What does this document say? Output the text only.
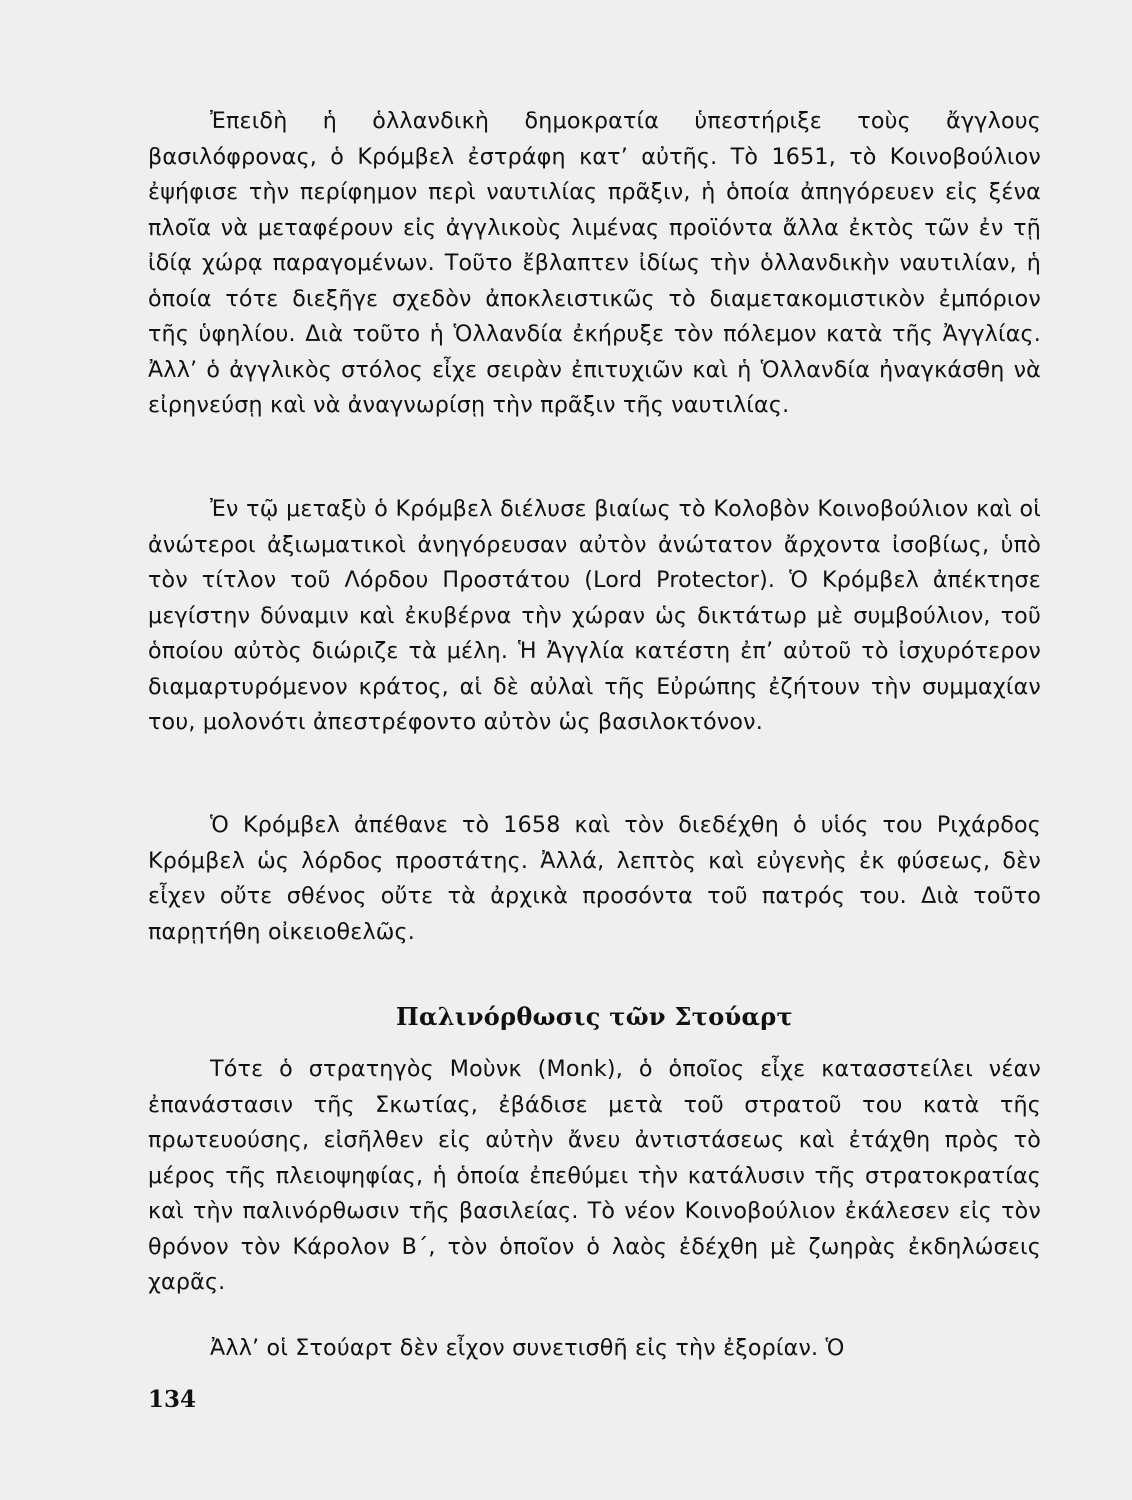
Ἐπειδὴ ἡ ὁλλανδικὴ δημοκρατία ὑπεστήριξε τοὺς ἄγγλους βασιλόφρονας, ὁ Κρόμβελ ἐστράφη κατ’ αὐτῆς. Τὸ 1651, τὸ Κοινοβούλιον ἐψήφισε τὴν περίφημον περὶ ναυτιλίας πρᾶξιν, ἡ ὁποία ἀπηγόρευεν εἰς ξένα πλοῖα νὰ μεταφέρουν εἰς ἀγγλικοὺς λιμένας προϊόντα ἄλλα ἐκτὸς τῶν ἐν τῇ ἰδίᾳ χώρᾳ παραγομένων. Τοῦτο ἔβλαπτεν ἰδίως τὴν ὁλλανδικὴν ναυτιλίαν, ἡ ὁποία τότε διεξῆγε σχεδὸν ἀποκλειστικῶς τὸ διαμετακομιστικὸν ἐμπόριον τῆς ὑφηλίου. Διὰ τοῦτο ἡ Ὁλλανδία ἐκήρυξε τὸν πόλεμον κατὰ τῆς Ἀγγλίας. Ἀλλ’ ὁ ἀγγλικὸς στόλος εἶχε σειρὰν ἐπιτυχιῶν καὶ ἡ Ὁλλανδία ἠναγκάσθη νὰ εἰρηνεύσῃ καὶ νὰ ἀναγνωρίσῃ τὴν πρᾶξιν τῆς ναυτιλίας.

Ἐν τῷ μεταξὺ ὁ Κρόμβελ διέλυσε βιαίως τὸ Κολοβὸν Κοινοβούλιον καὶ οἱ ἀνώτεροι ἀξιωματικοὶ ἀνηγόρευσαν αὐτὸν ἀνώτατον ἄρχοντα ἰσοβίως, ὑπὸ τὸν τίτλον τοῦ Λόρδου Προστάτου (Lord Protector). Ὁ Κρόμβελ ἀπέκτησε μεγίστην δύναμιν καὶ ἐκυβέρνα τὴν χώραν ὡς δικτάτωρ μὲ συμβούλιον, τοῦ ὁποίου αὐτὸς διώριζε τὰ μέλη. Ἡ Ἀγγλία κατέστη ἐπ’ αὐτοῦ τὸ ἰσχυρότερον διαμαρτυρόμενον κράτος, αἱ δὲ αὐλαὶ τῆς Εὐρώπης ἐζήτουν τὴν συμμαχίαν του, μολονότι ἀπεστρέφοντο αὐτὸν ὡς βασιλοκτόνον.

Ὁ Κρόμβελ ἀπέθανε τὸ 1658 καὶ τὸν διεδέχθη ὁ υἱός του Ριχάρδος Κρόμβελ ὡς λόρδος προστάτης. Ἀλλά, λεπτὸς καὶ εὐγενὴς ἐκ φύσεως, δὲν εἶχεν οὔτε σθένος οὔτε τὰ ἀρχικὰ προσόντα τοῦ πατρός του. Διὰ τοῦτο παρῃτήθη οἰκειοθελῶς.

Παλινόρθωσις τῶν Στούαρτ

Τότε ὁ στρατηγὸς Μοὺνκ (Monk), ὁ ὁποῖος εἶχε κατασστείλει νέαν ἐπανάστασιν τῆς Σκωτίας, ἐβάδισε μετὰ τοῦ στρατοῦ του κατὰ τῆς πρωτευούσης, εἰσῆλθεν εἰς αὐτὴν ἄνευ ἀντιστάσεως καὶ ἐτάχθη πρὸς τὸ μέρος τῆς πλειοψηφίας, ἡ ὁποία ἐπεθύμει τὴν κατάλυσιν τῆς στρατοκρατίας καὶ τὴν παλινόρθωσιν τῆς βασιλείας. Τὸ νέον Κοινοβούλιον ἐκάλεσεν εἰς τὸν θρόνον τὸν Κάρολον Β΄, τὸν ὁποῖον ὁ λαὸς ἐδέχθη μὲ ζωηρὰς ἐκδηλώσεις χαρᾶς.

Ἀλλ’ οἱ Στούαρτ δὲν εἶχον συνετισθῆ εἰς τὴν ἐξορίαν. Ὁ

134
